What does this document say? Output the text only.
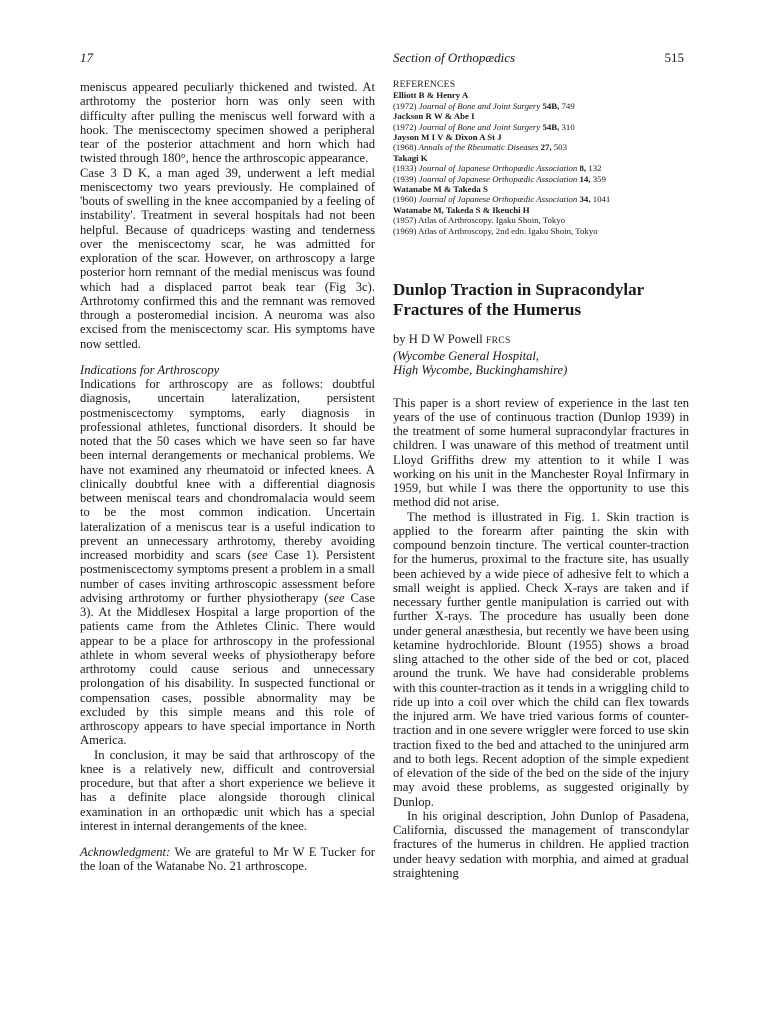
17	Section of Orthopædics	515

meniscus appeared peculiarly thickened and twisted. At arthrotomy the posterior horn was only seen with difficulty after pulling the meniscus well forward with a hook. The meniscectomy specimen showed a peripheral tear of the posterior attachment and horn which had twisted through 180°, hence the arthroscopic appearance.

Case 3 D K, a man aged 39, underwent a left medial meniscectomy two years previously. He complained of 'bouts of swelling in the knee accompanied by a feeling of instability'. Treatment in several hospitals had not been helpful. Because of quadriceps wasting and tenderness over the meniscectomy scar, he was admitted for exploration of the scar. However, on arthroscopy a large posterior horn remnant of the medial meniscus was found which had a displaced parrot beak tear (Fig 3c). Arthrotomy confirmed this and the remnant was removed through a posteromedial incision. A neuroma was also excised from the meniscectomy scar. His symptoms have now settled.

Indications for Arthroscopy

Indications for arthroscopy are as follows: doubtful diagnosis, uncertain lateralization, persistent postmeniscectomy symptoms, early diagnosis in professional athletes, functional disorders. It should be noted that the 50 cases which we have seen so far have been internal derangements or mechanical problems. We have not examined any rheumatoid or infected knees. A clinically doubtful knee with a differential diagnosis between meniscal tears and chondromalacia would seem to be the most common indication. Uncertain lateralization of a meniscus tear is a useful indication to prevent an unnecessary arthrotomy, thereby avoiding increased morbidity and scars (see Case 1). Persistent postmeniscectomy symptoms present a problem in a small number of cases inviting arthroscopic assessment before advising arthrotomy or further physiotherapy (see Case 3). At the Middlesex Hospital a large proportion of the patients came from the Athletes Clinic. There would appear to be a place for arthroscopy in the professional athlete in whom several weeks of physiotherapy before arthrotomy could cause serious and unnecessary prolongation of his disability. In suspected functional or compensation cases, possible abnormality may be excluded by this simple means and this role of arthroscopy appears to have special importance in North America.

In conclusion, it may be said that arthroscopy of the knee is a relatively new, difficult and controversial procedure, but that after a short experience we believe it has a definite place alongside thorough clinical examination in an orthopædic unit which has a special interest in internal derangements of the knee.

Acknowledgment: We are grateful to Mr W E Tucker for the loan of the Watanabe No. 21 arthroscope.

REFERENCES
Elliott B & Henry A
(1972) Journal of Bone and Joint Surgery 54B, 749
Jackson R W & Abe I
(1972) Journal of Bone and Joint Surgery 54B, 310
Jayson M I V & Dixon A St J
(1968) Annals of the Rheumatic Diseases 27, 503
Takagi K
(1933) Journal of Japanese Orthopædic Association 8, 132
(1939) Journal of Japanese Orthopædic Association 14, 359
Watanabe M & Takeda S
(1960) Journal of Japanese Orthopædic Association 34, 1041
Watanabe M, Takeda S & Ikeuchi H
(1957) Atlas of Arthroscopy. Igaku Shoin, Tokyo
(1969) Atlas of Arthroscopy, 2nd edn. Igaku Shoin, Tokyo
Dunlop Traction in Supracondylar Fractures of the Humerus
by H D W Powell FRCS
(Wycombe General Hospital,
High Wycombe, Buckinghamshire)

This paper is a short review of experience in the last ten years of the use of continuous traction (Dunlop 1939) in the treatment of some humeral supracondylar fractures in children. I was unaware of this method of treatment until Lloyd Griffiths drew my attention to it while I was working on his unit in the Manchester Royal Infirmary in 1959, but while I was there the opportunity to use this method did not arise.

The method is illustrated in Fig. 1. Skin traction is applied to the forearm after painting the skin with compound benzoin tincture. The vertical counter-traction for the humerus, proximal to the fracture site, has usually been achieved by a wide piece of adhesive felt to which a small weight is applied. Check X-rays are taken and if necessary further gentle manipulation is carried out with further X-rays. The procedure has usually been done under general anæsthesia, but recently we have been using ketamine hydrochloride. Blount (1955) shows a broad sling attached to the other side of the bed or cot, placed around the trunk. We have had considerable problems with this counter-traction as it tends in a wriggling child to ride up into a coil over which the child can flex towards the injured arm. We have tried various forms of counter-traction and in one severe wriggler were forced to use skin traction fixed to the bed and attached to the uninjured arm and to both legs. Recent adoption of the simple expedient of elevation of the side of the bed on the side of the injury may avoid these problems, as suggested originally by Dunlop.

In his original description, John Dunlop of Pasadena, California, discussed the management of transcondylar fractures of the humerus in children. He applied traction under heavy sedation with morphia, and aimed at gradual straightening
